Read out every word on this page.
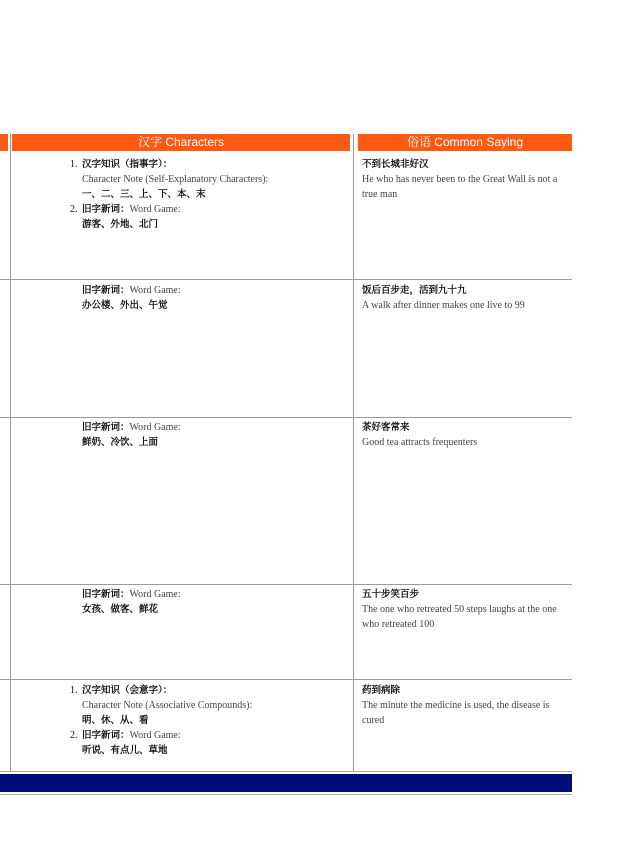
汉字 Characters	俗语 Common Saying
1. 汉字知识（指事字）：
Character Note (Self-Explanatory Characters):
一、二、三、上、下、本、末
2. 旧字新词：Word Game:
游客、外地、北门
不到长城非好汉
He who has never been to the Great Wall is not a true man
旧字新词：Word Game:
办公楼、外出、午觉
饭后百步走，活到九十九
A walk after dinner makes one live to 99
旧字新词：Word Game:
鲜奶、冷饮、上面
茶好客常来
Good tea attracts frequenters
旧字新词：Word Game:
女孩、做客、鲜花
五十步笑百步
The one who retreated 50 steps laughs at the one who retreated 100
1. 汉字知识（会意字）：
Character Note (Associative Compounds):
明、休、从、看
2. 旧字新词：Word Game:
听说、有点儿、草地
药到病除
The minute the medicine is used, the disease is cured
